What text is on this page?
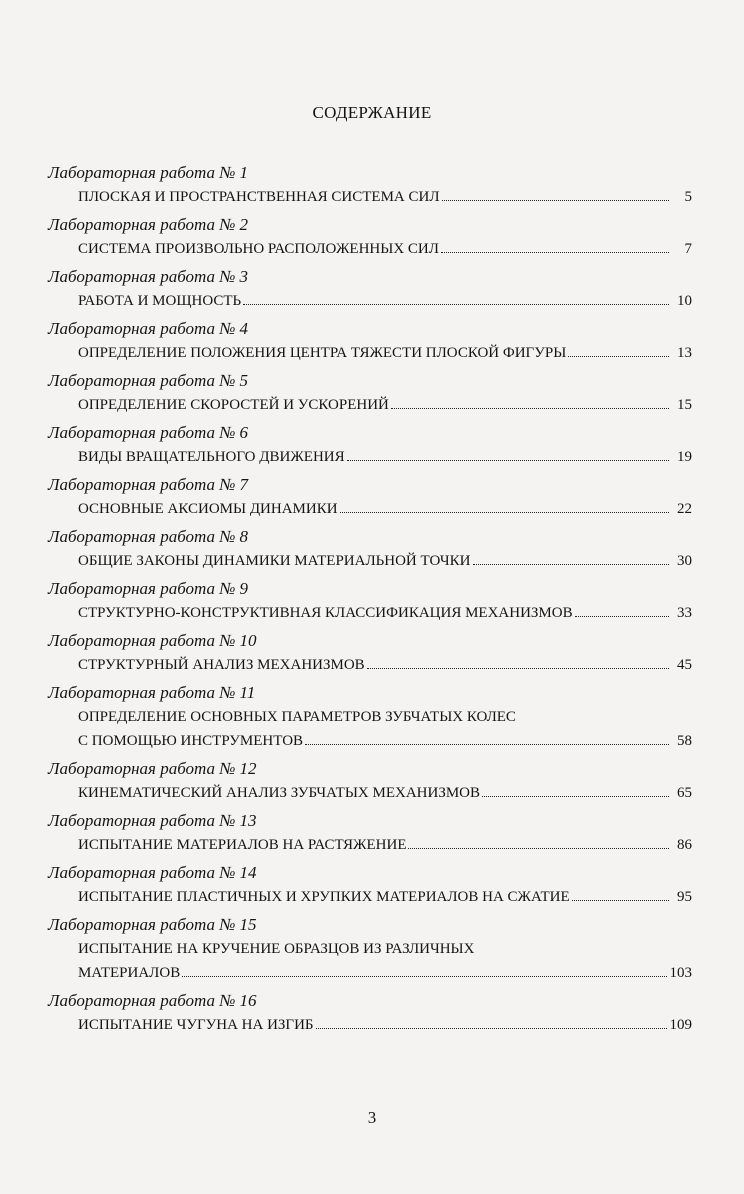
СОДЕРЖАНИЕ
Лабораторная работа № 1
ПЛОСКАЯ И ПРОСТРАНСТВЕННАЯ СИСТЕМА СИЛ	5
Лабораторная работа № 2
СИСТЕМА ПРОИЗВОЛЬНО РАСПОЛОЖЕННЫХ СИЛ	7
Лабораторная работа № 3
РАБОТА И МОЩНОСТЬ	10
Лабораторная работа № 4
ОПРЕДЕЛЕНИЕ ПОЛОЖЕНИЯ ЦЕНТРА ТЯЖЕСТИ ПЛОСКОЙ ФИГУРЫ	13
Лабораторная работа № 5
ОПРЕДЕЛЕНИЕ СКОРОСТЕЙ И УСКОРЕНИЙ	15
Лабораторная работа № 6
ВИДЫ ВРАЩАТЕЛЬНОГО ДВИЖЕНИЯ	19
Лабораторная работа № 7
ОСНОВНЫЕ АКСИОМЫ ДИНАМИКИ	22
Лабораторная работа № 8
ОБЩИЕ ЗАКОНЫ ДИНАМИКИ МАТЕРИАЛЬНОЙ ТОЧКИ	30
Лабораторная работа № 9
СТРУКТУРНО-КОНСТРУКТИВНАЯ КЛАССИФИКАЦИЯ МЕХАНИЗМОВ	33
Лабораторная работа № 10
СТРУКТУРНЫЙ АНАЛИЗ МЕХАНИЗМОВ	45
Лабораторная работа № 11
ОПРЕДЕЛЕНИЕ ОСНОВНЫХ ПАРАМЕТРОВ ЗУБЧАТЫХ КОЛЕС
С ПОМОЩЬЮ ИНСТРУМЕНТОВ	58
Лабораторная работа № 12
КИНЕМАТИЧЕСКИЙ АНАЛИЗ ЗУБЧАТЫХ МЕХАНИЗМОВ	65
Лабораторная работа № 13
ИСПЫТАНИЕ МАТЕРИАЛОВ НА РАСТЯЖЕНИЕ	86
Лабораторная работа № 14
ИСПЫТАНИЕ ПЛАСТИЧНЫХ И ХРУПКИХ МАТЕРИАЛОВ НА СЖАТИЕ	95
Лабораторная работа № 15
ИСПЫТАНИЕ НА КРУЧЕНИЕ ОБРАЗЦОВ ИЗ РАЗЛИЧНЫХ
МАТЕРИАЛОВ	103
Лабораторная работа № 16
ИСПЫТАНИЕ ЧУГУНА НА ИЗГИБ	109
3
